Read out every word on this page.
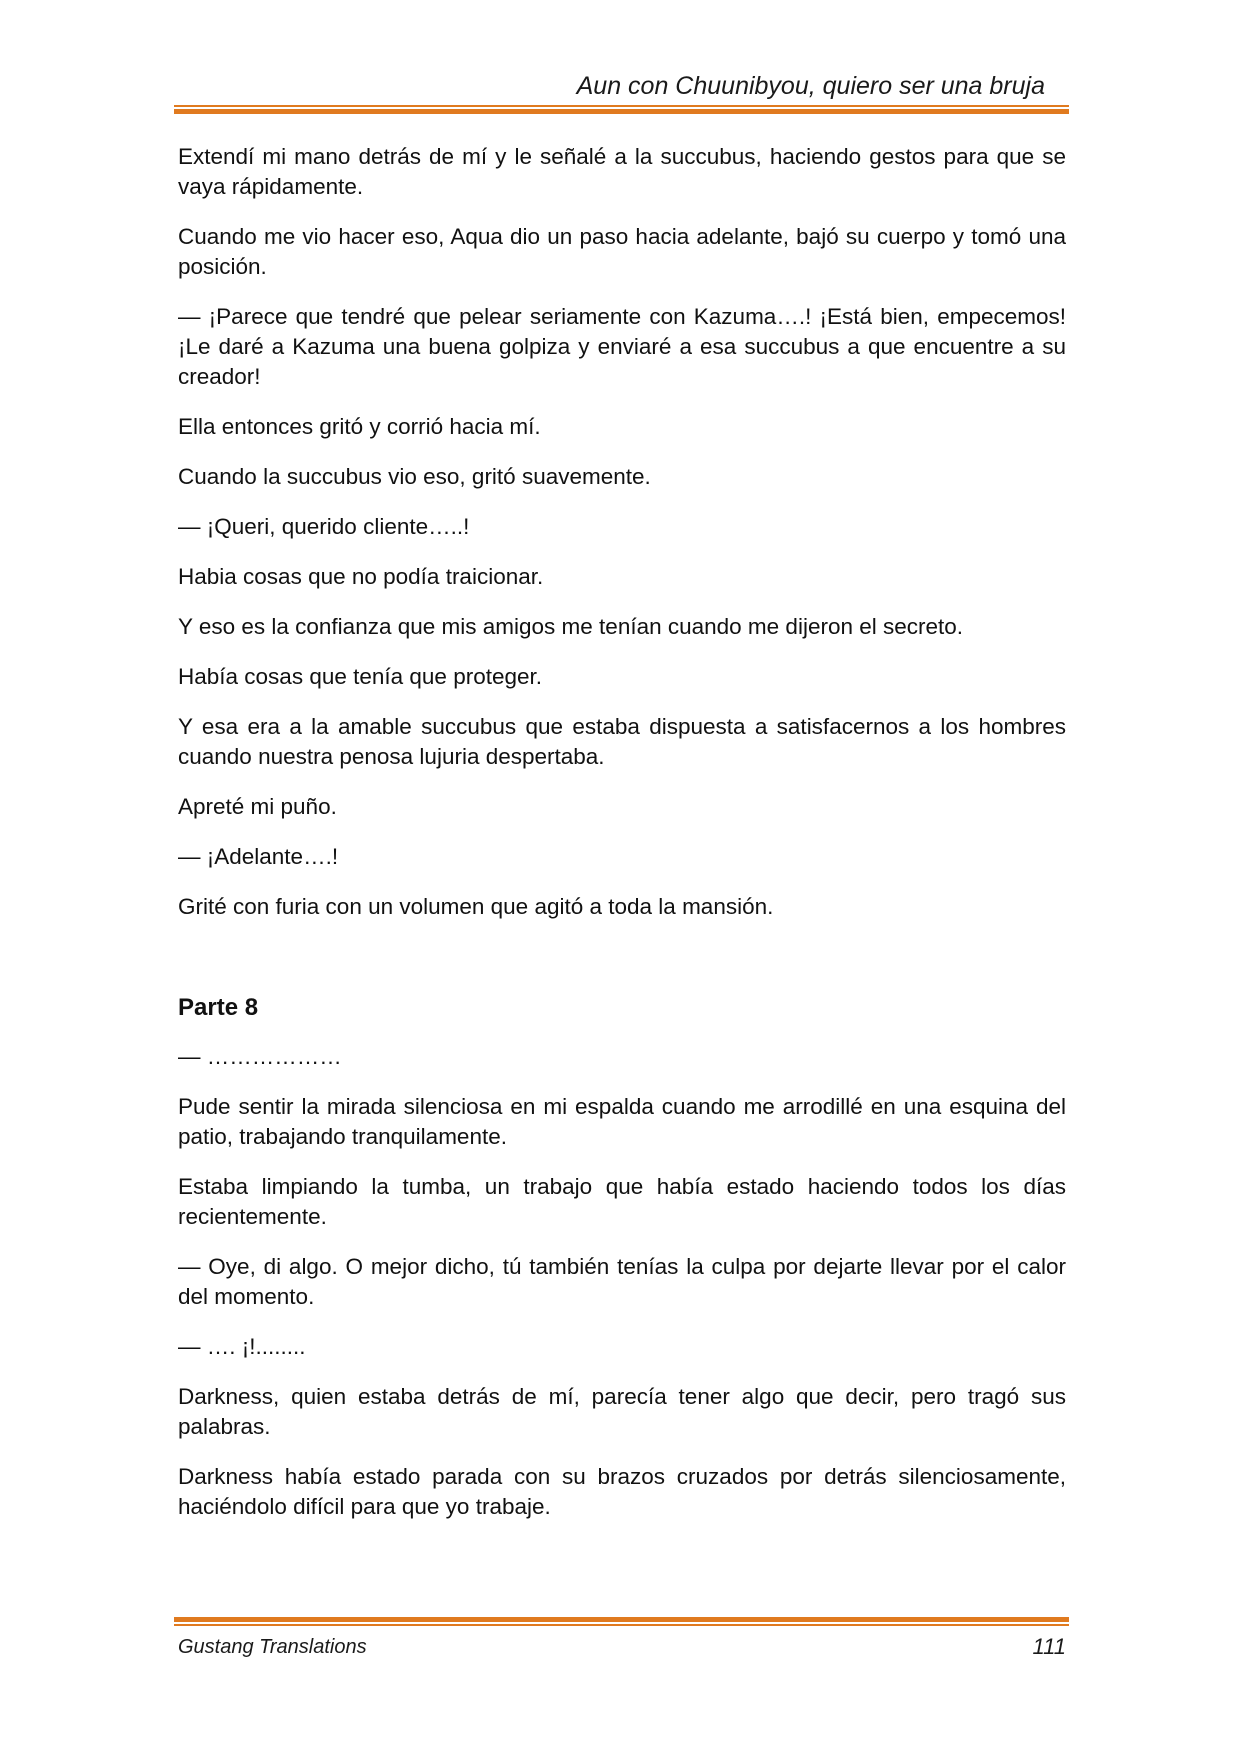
Aun con Chuunibyou, quiero ser una bruja

Extendí mi mano detrás de mí y le señalé a la succubus, haciendo gestos para que se vaya rápidamente.

Cuando me vio hacer eso, Aqua dio un paso hacia adelante, bajó su cuerpo y tomó una posición.

— ¡Parece que tendré que pelear seriamente con Kazuma….! ¡Está bien, empecemos! ¡Le daré a Kazuma una buena golpiza y enviaré a esa succubus a que encuentre a su creador!

Ella entonces gritó y corrió hacia mí.

Cuando la succubus vio eso, gritó suavemente.

— ¡Queri, querido cliente…..!

Habia cosas que no podía traicionar.

Y eso es la confianza que mis amigos me tenían cuando me dijeron el secreto.

Había cosas que tenía que proteger.

Y esa era a la amable succubus que estaba dispuesta a satisfacernos a los hombres cuando nuestra penosa lujuria despertaba.

Apreté mi puño.

— ¡Adelante….!

Grité con furia con un volumen que agitó a toda la mansión.

Parte 8

— ………………

Pude sentir la mirada silenciosa en mi espalda cuando me arrodillé en una esquina del patio, trabajando tranquilamente.

Estaba limpiando la tumba, un trabajo que había estado haciendo todos los días recientemente.

— Oye, di algo. O mejor dicho, tú también tenías la culpa por dejarte llevar por el calor del momento.

— …. ¡!........

Darkness, quien estaba detrás de mí, parecía tener algo que decir, pero tragó sus palabras.

Darkness había estado parada con su brazos cruzados por detrás silenciosamente, haciéndolo difícil para que yo trabaje.

Gustang Translations	111
